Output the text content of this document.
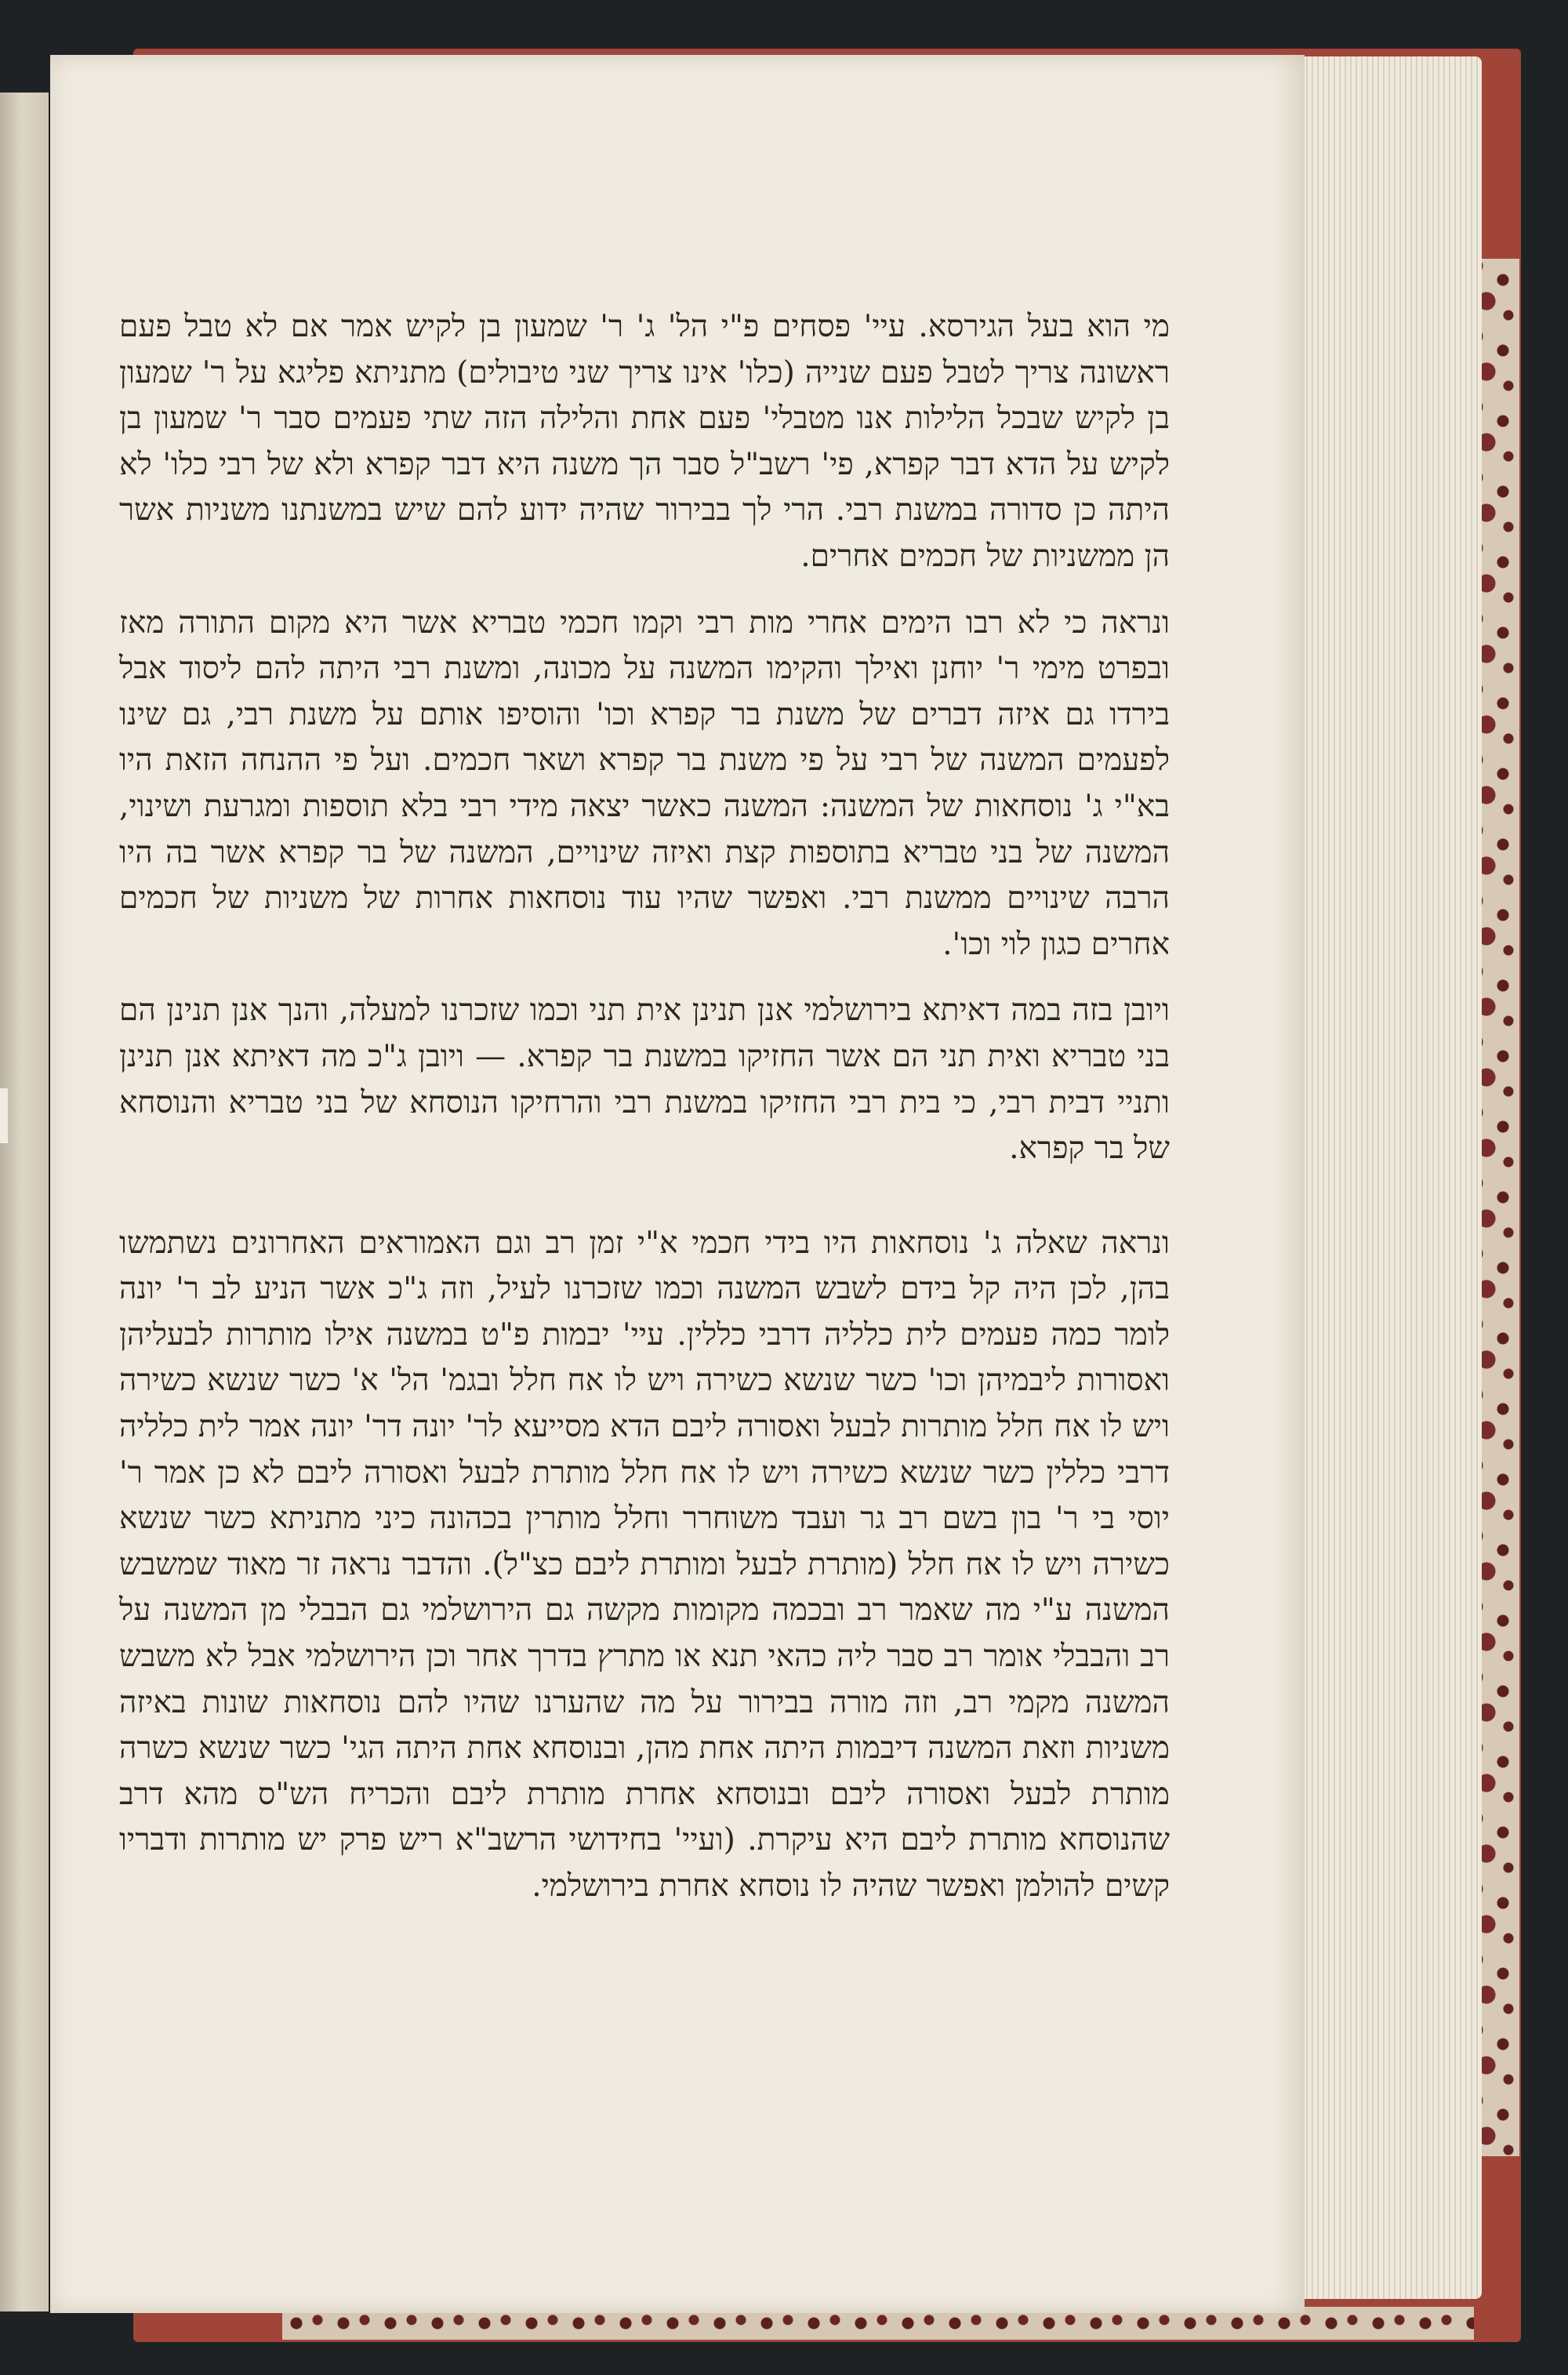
מי הוא בעל הגירסא. עיי' פסחים פ"י הל' ג' ר' שמעון בן לקיש אמר אם לא טבל פעם ראשונה צריך לטבל פעם שנייה (כלו' אינו צריך שני טיבולים) מתניתא פליגא על ר' שמעון בן לקיש שבכל הלילות אנו מטבלי' פעם אחת והלילה הזה שתי פעמים סבר ר' שמעון בן לקיש על הדא דבר קפרא, פי' רשב"ל סבר הך משנה היא דבר קפרא ולא של רבי כלו' לא היתה כן סדורה במשנת רבי. הרי לך בבירור שהיה ידוע להם שיש במשנתנו משניות אשר הן ממשניות של חכמים אחרים.

ונראה כי לא רבו הימים אחרי מות רבי וקמו חכמי טבריא אשר היא מקום התורה מאז ובפרט מימי ר' יוחנן ואילך והקימו המשנה על מכונה, ומשנת רבי היתה להם ליסוד אבל בירדו גם איזה דברים של משנת בר קפרא וכו' והוסיפו אותם על משנת רבי, גם שינו לפעמים המשנה של רבי על פי משנת בר קפרא ושאר חכמים. ועל פי ההנחה הזאת היו בא"י ג' נוסחאות של המשנה: המשנה כאשר יצאה מידי רבי בלא תוספות ומגרעת ושינוי, המשנה של בני טבריא בתוספות קצת ואיזה שינויים, המשנה של בר קפרא אשר בה היו הרבה שינויים ממשנת רבי. ואפשר שהיו עוד נוסחאות אחרות של משניות של חכמים אחרים כגון לוי וכו'.

ויובן בזה במה דאיתא בירושלמי אנן תנינן אית תני וכמו שזכרנו למעלה, והנך אנן תנינן הם בני טבריא ואית תני הם אשר החזיקו במשנת בר קפרא. — ויובן ג"כ מה דאיתא אנן תנינן ותניי דבית רבי, כי בית רבי החזיקו במשנת רבי והרחיקו הנוסחא של בני טבריא והנוסחא של בר קפרא.

ונראה שאלה ג' נוסחאות היו בידי חכמי א"י זמן רב וגם האמוראים האחרונים נשתמשו בהן, לכן היה קל בידם לשבש המשנה וכמו שזכרנו לעיל, וזה ג"כ אשר הניע לב ר' יונה לומר כמה פעמים לית כלליה דרבי כללין. עיי' יבמות פ"ט במשנה אילו מותרות לבעליהן ואסורות ליבמיהן וכו' כשר שנשא כשירה ויש לו אח חלל ובגמ' הל' א' כשר שנשא כשירה ויש לו אח חלל מותרות לבעל ואסורה ליבם הדא מסייעא לר' יונה דר' יונה אמר לית כלליה דרבי כללין כשר שנשא כשירה ויש לו אח חלל מותרת לבעל ואסורה ליבם לא כן אמר ר' יוסי בי ר' בון בשם רב גר ועבד משוחרר וחלל מותרין בכהונה כיני מתניתא כשר שנשא כשירה ויש לו אח חלל (מותרת לבעל ומותרת ליבם כצ"ל). והדבר נראה זר מאוד שמשבש המשנה ע"י מה שאמר רב ובכמה מקומות מקשה גם הירושלמי גם הבבלי מן המשנה על רב והבבלי אומר רב סבר ליה כהאי תנא או מתרץ בדרך אחר וכן הירושלמי אבל לא משבש המשנה מקמי רב, וזה מורה בבירור על מה שהערנו שהיו להם נוסחאות שונות באיזה משניות וזאת המשנה דיבמות היתה אחת מהן, ובנוסחא אחת היתה הגי' כשר שנשא כשרה מותרת לבעל ואסורה ליבם ובנוסחא אחרת מותרת ליבם והכריח הש"ס מהא דרב שהנוסחא מותרת ליבם היא עיקרת. (ועיי' בחידושי הרשב"א ריש פרק יש מותרות ודבריו קשים להולמן ואפשר שהיה לו נוסחא אחרת בירושלמי.
